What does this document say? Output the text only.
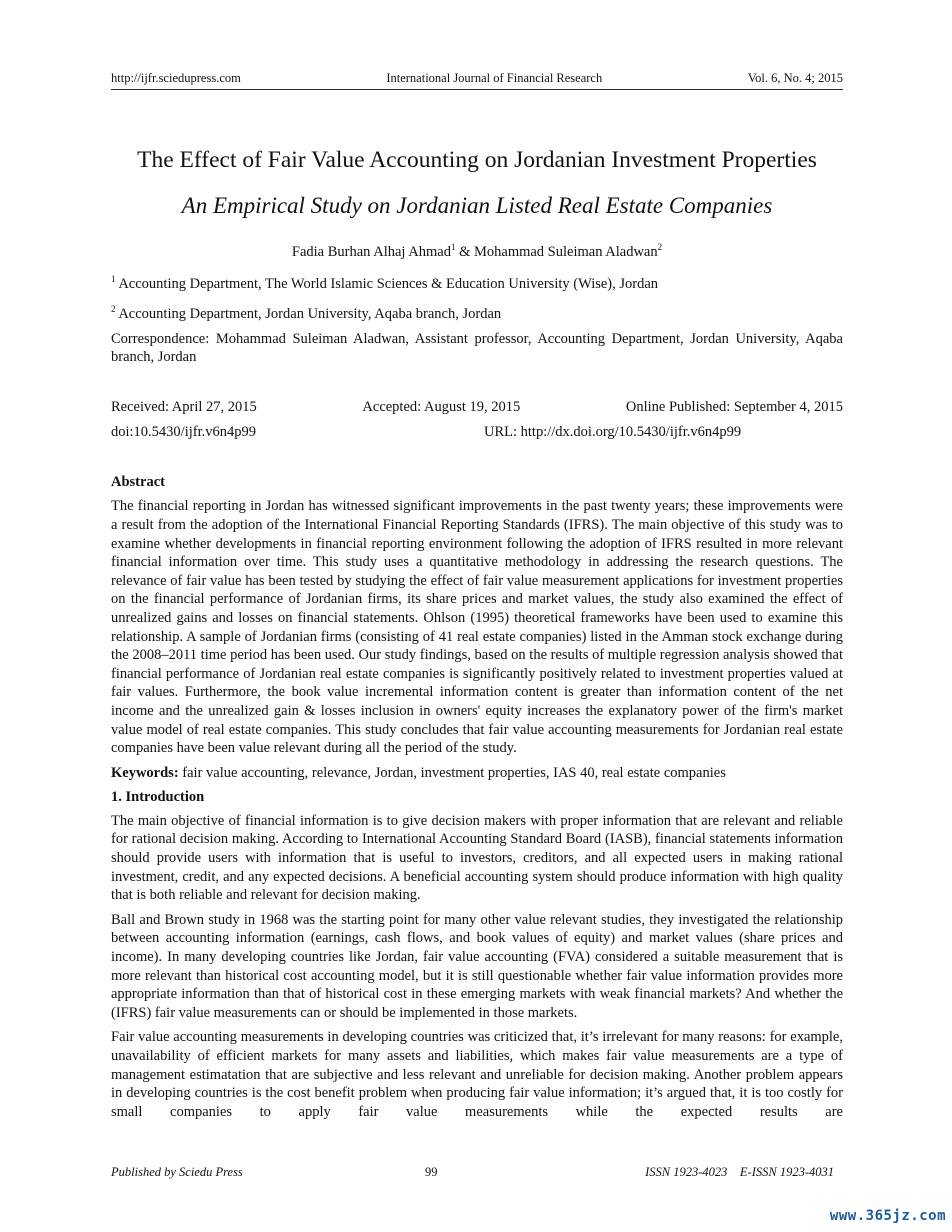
http://ijfr.sciedupress.com	International Journal of Financial Research	Vol. 6, No. 4; 2015
The Effect of Fair Value Accounting on Jordanian Investment Properties
An Empirical Study on Jordanian Listed Real Estate Companies
Fadia Burhan Alhaj Ahmad$^1$ & Mohammad Suleiman Aladwan$^2$
$^1$ Accounting Department, The World Islamic Sciences & Education University (Wise), Jordan
$^2$ Accounting Department, Jordan University, Aqaba branch, Jordan
Correspondence: Mohammad Suleiman Aladwan, Assistant professor, Accounting Department, Jordan University, Aqaba branch, Jordan
Received: April 27, 2015	Accepted: August 19, 2015	Online Published: September 4, 2015
doi:10.5430/ijfr.v6n4p99	URL: http://dx.doi.org/10.5430/ijfr.v6n4p99
Abstract

The financial reporting in Jordan has witnessed significant improvements in the past twenty years; these improvements were a result from the adoption of the International Financial Reporting Standards (IFRS). The main objective of this study was to examine whether developments in financial reporting environment following the adoption of IFRS resulted in more relevant financial information over time. This study uses a quantitative methodology in addressing the research questions. The relevance of fair value has been tested by studying the effect of fair value measurement applications for investment properties on the financial performance of Jordanian firms, its share prices and market values, the study also examined the effect of unrealized gains and losses on financial statements. Ohlson (1995) theoretical frameworks have been used to examine this relationship. A sample of Jordanian firms (consisting of 41 real estate companies) listed in the Amman stock exchange during the 2008–2011 time period has been used. Our study findings, based on the results of multiple regression analysis showed that financial performance of Jordanian real estate companies is significantly positively related to investment properties valued at fair values. Furthermore, the book value incremental information content is greater than information content of the net income and the unrealized gain & losses inclusion in owners' equity increases the explanatory power of the firm's market value model of real estate companies. This study concludes that fair value accounting measurements for Jordanian real estate companies have been value relevant during all the period of the study.

Keywords: fair value accounting, relevance, Jordan, investment properties, IAS 40, real estate companies
1. Introduction

The main objective of financial information is to give decision makers with proper information that are relevant and reliable for rational decision making. According to International Accounting Standard Board (IASB), financial statements information should provide users with information that is useful to investors, creditors, and all expected users in making rational investment, credit, and any expected decisions. A beneficial accounting system should produce information with high quality that is both reliable and relevant for decision making.

Ball and Brown study in 1968 was the starting point for many other value relevant studies, they investigated the relationship between accounting information (earnings, cash flows, and book values of equity) and market values (share prices and income). In many developing countries like Jordan, fair value accounting (FVA) considered a suitable measurement that is more relevant than historical cost accounting model, but it is still questionable whether fair value information provides more appropriate information than that of historical cost in these emerging markets with weak financial markets? And whether the (IFRS) fair value measurements can or should be implemented in those markets.

Fair value accounting measurements in developing countries was criticized that, it’s irrelevant for many reasons: for example, unavailability of efficient markets for many assets and liabilities, which makes fair value measurements are a type of management estimatation that are subjective and less relevant and unreliable for decision making. Another problem appears in developing countries is the cost benefit problem when producing fair value information; it’s argued that, it is too costly for small companies to apply fair value measurements while the expected results are

Published by Sciedu Press	99	ISSN 1923-4023    E-ISSN 1923-4031
www.365jz.com
